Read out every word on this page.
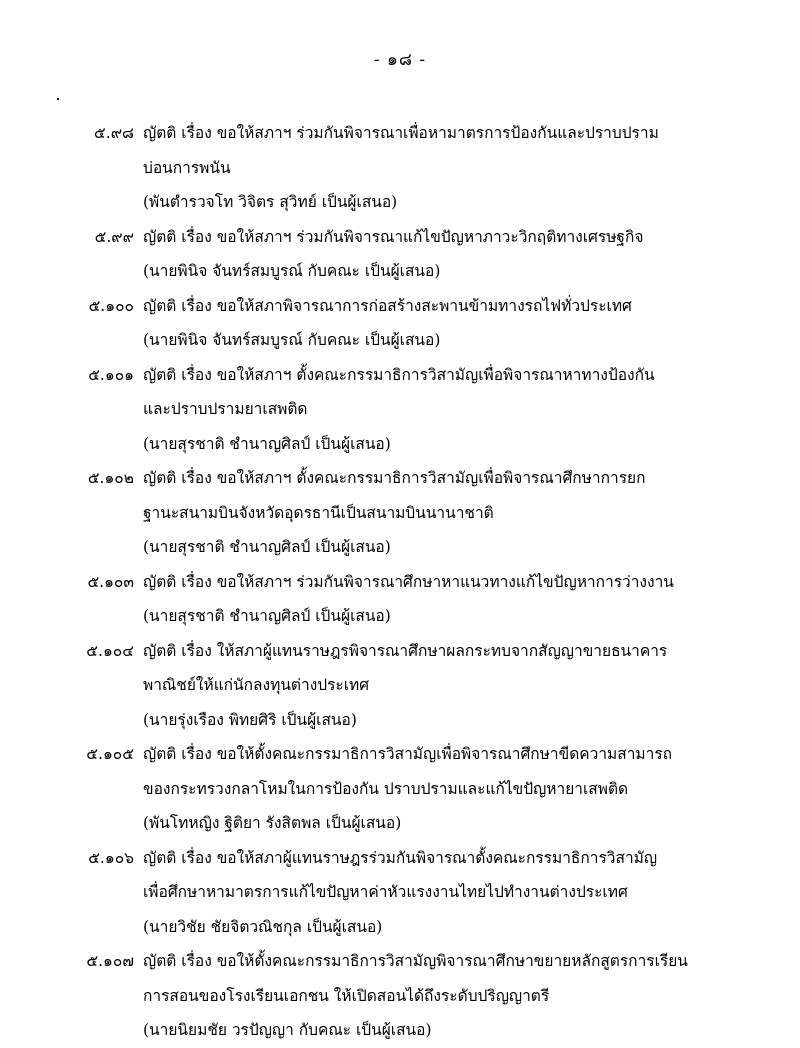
- ๑๘ -
๕.๙๘ ญัตติ เรื่อง ขอให้สภาฯ ร่วมกันพิจารณาเพื่อหามาตรการป้องกันและปราบปราม
บ่อนการพนัน
(พันตำรวจโท วิจิตร สุวิทย์ เป็นผู้เสนอ)
๕.๙๙ ญัตติ เรื่อง ขอให้สภาฯ ร่วมกันพิจารณาแก้ไขปัญหาภาวะวิกฤติทางเศรษฐกิจ
(นายพินิจ จันทร์สมบูรณ์ กับคณะ เป็นผู้เสนอ)
๕.๑๐๐ ญัตติ เรื่อง ขอให้สภาพิจารณาการก่อสร้างสะพานข้ามทางรถไฟทั่วประเทศ
(นายพินิจ จันทร์สมบูรณ์ กับคณะ เป็นผู้เสนอ)
๕.๑๐๑ ญัตติ เรื่อง ขอให้สภาฯ ตั้งคณะกรรมาธิการวิสามัญเพื่อพิจารณาหาทางป้องกัน
และปราบปรามยาเสพติด
(นายสุรชาติ ชำนาญศิลป์ เป็นผู้เสนอ)
๕.๑๐๒ ญัตติ เรื่อง ขอให้สภาฯ ตั้งคณะกรรมาธิการวิสามัญเพื่อพิจารณาศึกษาการยก
ฐานะสนามบินจังหวัดอุดรธานีเป็นสนามบินนานาชาติ
(นายสุรชาติ ชำนาญศิลป์ เป็นผู้เสนอ)
๕.๑๐๓ ญัตติ เรื่อง ขอให้สภาฯ ร่วมกันพิจารณาศึกษาหาแนวทางแก้ไขปัญหาการว่างงาน
(นายสุรชาติ ชำนาญศิลป์ เป็นผู้เสนอ)
๕.๑๐๔ ญัตติ เรื่อง ให้สภาผู้แทนราษฎรพิจารณาศึกษาผลกระทบจากสัญญาขายธนาคาร
พาณิชย์ให้แก่นักลงทุนต่างประเทศ
(นายรุ่งเรือง พิทยศิริ เป็นผู้เสนอ)
๕.๑๐๕ ญัตติ เรื่อง ขอให้ตั้งคณะกรรมาธิการวิสามัญเพื่อพิจารณาศึกษาขีดความสามารถ
ของกระทรวงกลาโหมในการป้องกัน ปราบปรามและแก้ไขปัญหายาเสพติด
(พันโทหญิง ฐิติยา รังสิตพล เป็นผู้เสนอ)
๕.๑๐๖ ญัตติ เรื่อง ขอให้สภาผู้แทนราษฎรร่วมกันพิจารณาตั้งคณะกรรมาธิการวิสามัญ
เพื่อศึกษาหามาตรการแก้ไขปัญหาค่าหัวแรงงานไทยไปทำงานต่างประเทศ
(นายวิชัย ชัยจิตวณิชกุล เป็นผู้เสนอ)
๕.๑๐๗ ญัตติ เรื่อง ขอให้ตั้งคณะกรรมาธิการวิสามัญพิจารณาศึกษาขยายหลักสูตรการเรียน
การสอนของโรงเรียนเอกชน ให้เปิดสอนได้ถึงระดับปริญญาตรี
(นายนิยมชัย วรปัญญา กับคณะ เป็นผู้เสนอ)
